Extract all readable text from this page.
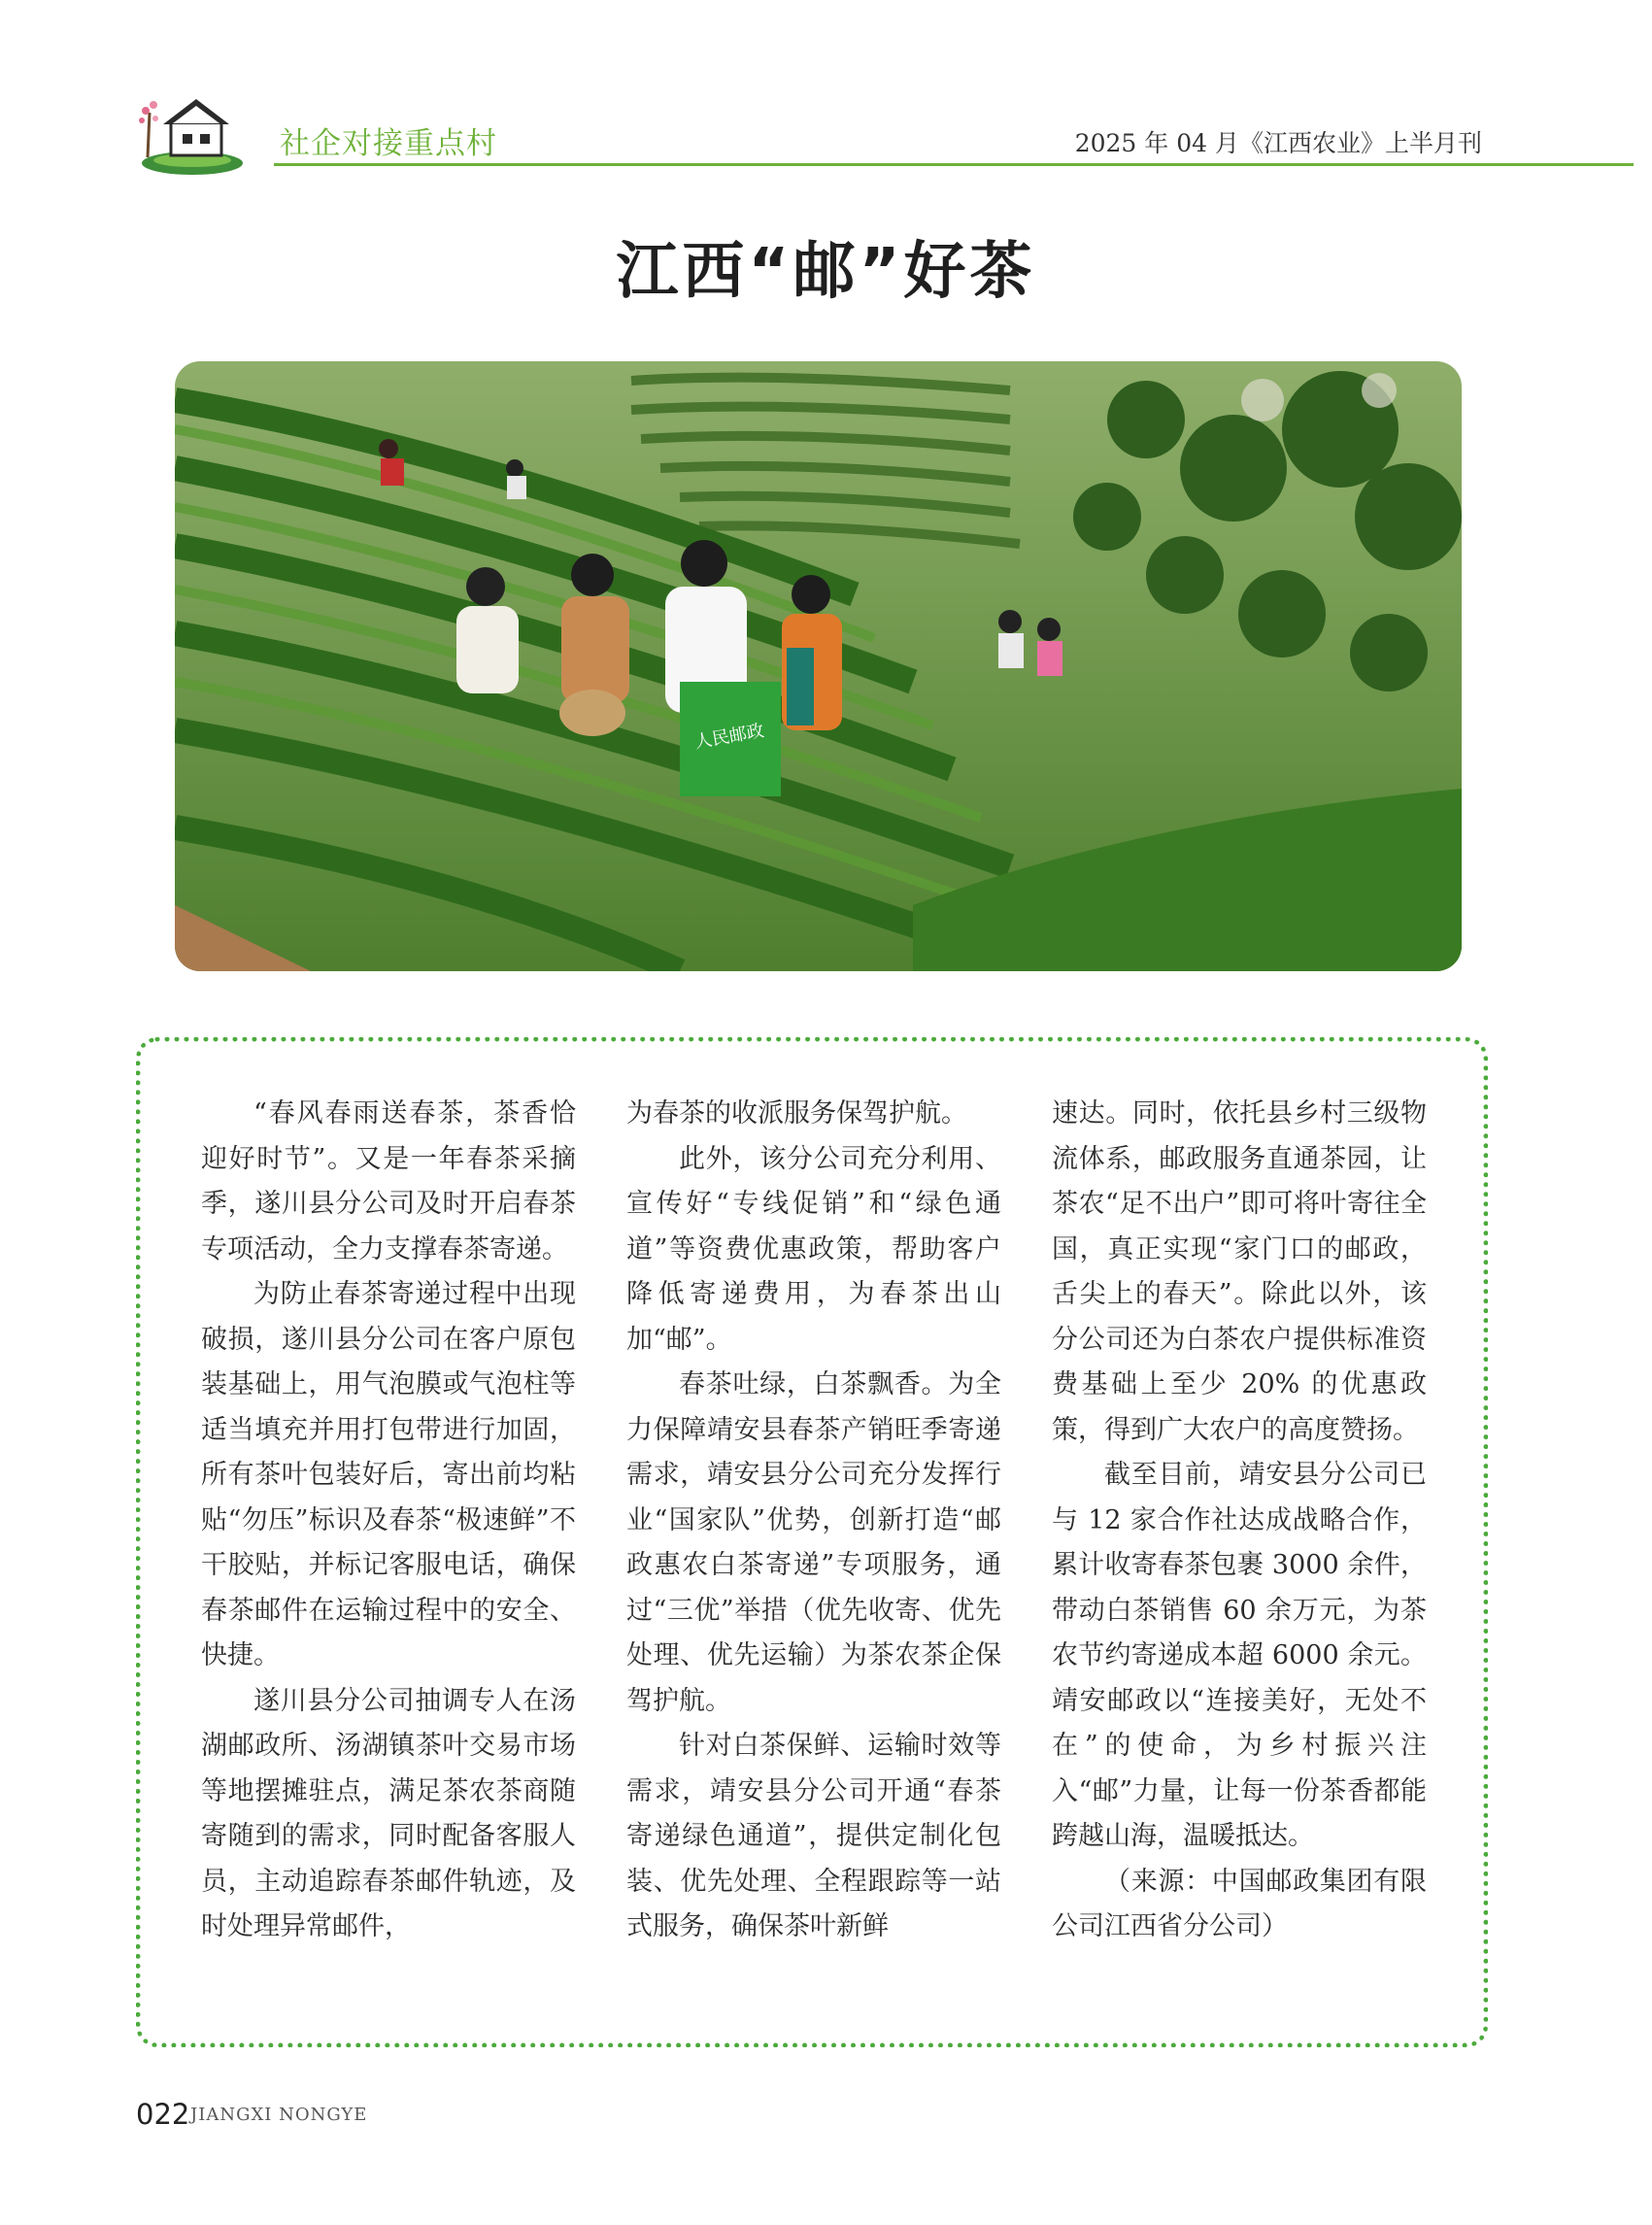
社企对接重点村	2025 年 04 月《江西农业》上半月刊
江西“邮”好茶
人民邮政

“春风春雨送春茶，茶香恰迎好时节”。又是一年春茶采摘季，遂川县分公司及时开启春茶专项活动，全力支撑春茶寄递。

为防止春茶寄递过程中出现破损，遂川县分公司在客户原包装基础上，用气泡膜或气泡柱等适当填充并用打包带进行加固，所有茶叶包装好后，寄出前均粘贴“勿压”标识及春茶“极速鲜”不干胶贴，并标记客服电话，确保春茶邮件在运输过程中的安全、快捷。

遂川县分公司抽调专人在汤湖邮政所、汤湖镇茶叶交易市场等地摆摊驻点，满足茶农茶商随寄随到的需求，同时配备客服人员，主动追踪春茶邮件轨迹，及时处理异常邮件，

为春茶的收派服务保驾护航。

此外，该分公司充分利用、宣传好“专线促销”和“绿色通道”等资费优惠政策，帮助客户降低寄递费用，为春茶出山加“邮”。

春茶吐绿，白茶飘香。为全力保障靖安县春茶产销旺季寄递需求，靖安县分公司充分发挥行业“国家队”优势，创新打造“邮政惠农白茶寄递”专项服务，通过“三优”举措（优先收寄、优先处理、优先运输）为茶农茶企保驾护航。

针对白茶保鲜、运输时效等需求，靖安县分公司开通“春茶寄递绿色通道”，提供定制化包装、优先处理、全程跟踪等一站式服务，确保茶叶新鲜

速达。同时，依托县乡村三级物流体系，邮政服务直通茶园，让茶农“足不出户”即可将叶寄往全国，真正实现“家门口的邮政，舌尖上的春天”。除此以外，该分公司还为白茶农户提供标准资费基础上至少 20% 的优惠政策，得到广大农户的高度赞扬。

截至目前，靖安县分公司已与 12 家合作社达成战略合作，累计收寄春茶包裹 3000 余件，带动白茶销售 60 余万元，为茶农节约寄递成本超 6000 余元。靖安邮政以“连接美好，无处不在”的使命，为乡村振兴注入“邮”力量，让每一份茶香都能跨越山海，温暖抵达。

（来源：中国邮政集团有限公司江西省分公司）

022 JIANGXI NONGYE
